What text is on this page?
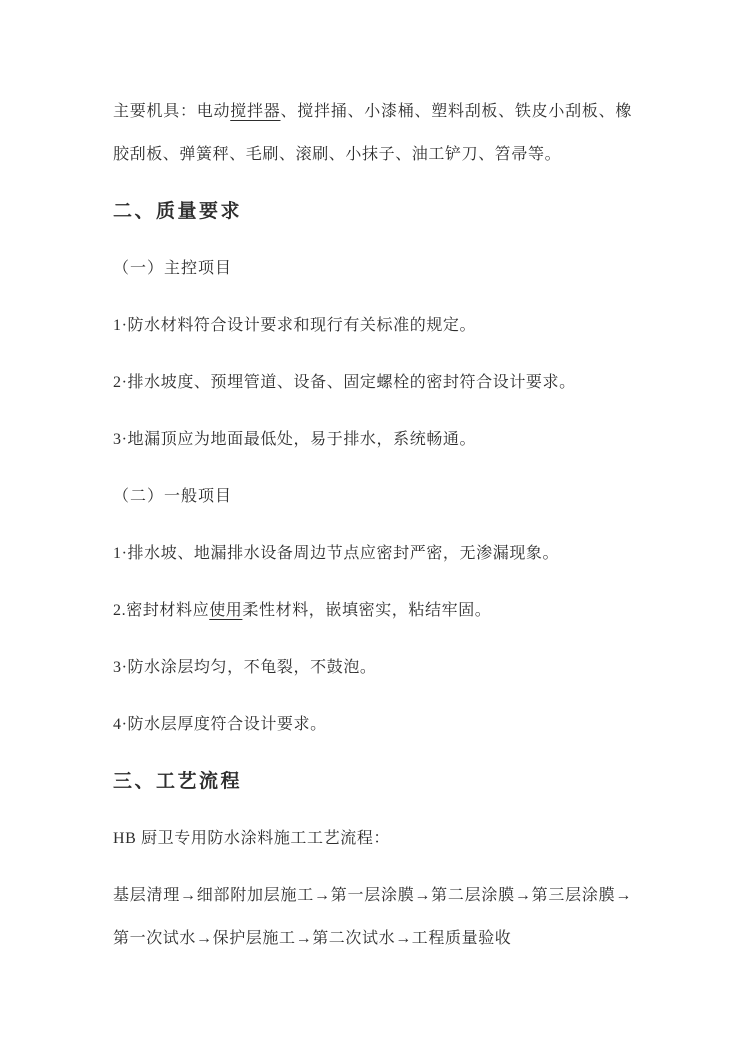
主要机具：电动搅拌器、搅拌捅、小漆桶、塑料刮板、铁皮小刮板、橡胶刮板、弹簧秤、毛刷、滚刷、小抹子、油工铲刀、笤帚等。

二、质量要求

（一）主控项目

1·防水材料符合设计要求和现行有关标准的规定。

2·排水坡度、预埋管道、设备、固定螺栓的密封符合设计要求。

3·地漏顶应为地面最低处，易于排水，系统畅通。

（二）一般项目

1·排水坡、地漏排水设备周边节点应密封严密，无渗漏现象。

2.密封材料应使用柔性材料，嵌填密实，粘结牢固。

3·防水涂层均匀，不龟裂，不鼓泡。

4·防水层厚度符合设计要求。

三、工艺流程

HB 厨卫专用防水涂料施工工艺流程：

基层清理→细部附加层施工→第一层涂膜→第二层涂膜→第三层涂膜→第一次试水→保护层施工→第二次试水→工程质量验收
